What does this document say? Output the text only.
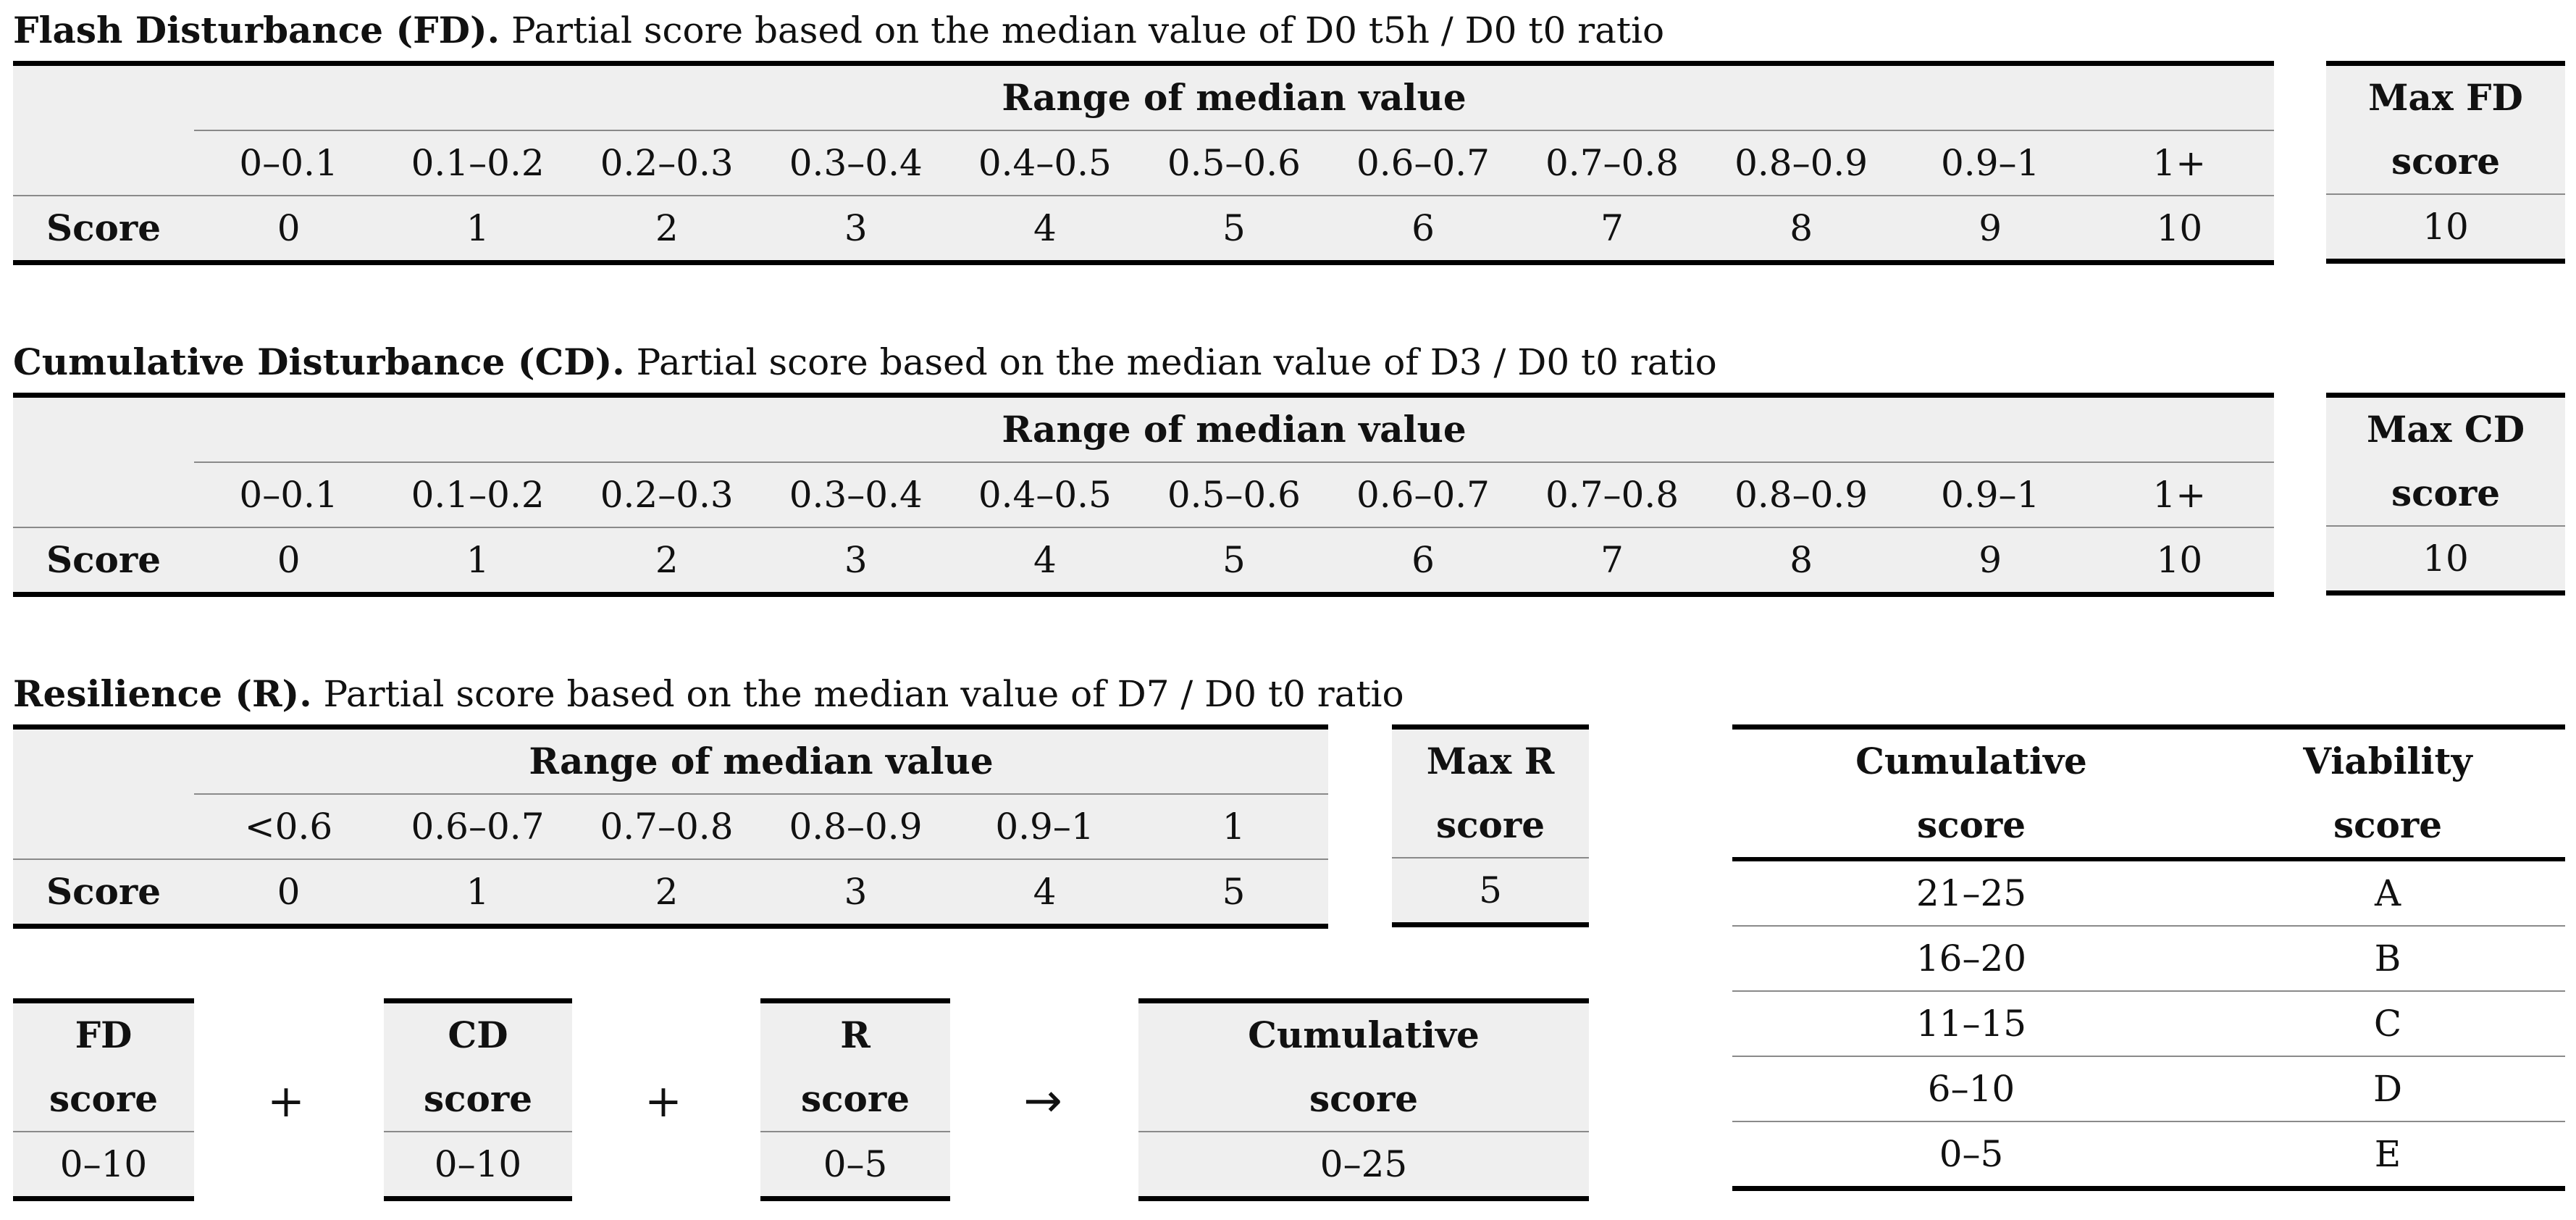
Flash Disturbance (FD). Partial score based on the median value of D0 t5h / D0 t0 ratio
	Range of median value										
	0–0.1	0.1–0.2	0.2–0.3	0.3–0.4	0.4–0.5	0.5–0.6	0.6–0.7	0.7–0.8	0.8–0.9	0.9–1	1+
Score	0	1	2	3	4	5	6	7	8	9	10
Max FD
score
10
Cumulative Disturbance (CD). Partial score based on the median value of D3 / D0 t0 ratio
	Range of median value										
	0–0.1	0.1–0.2	0.2–0.3	0.3–0.4	0.4–0.5	0.5–0.6	0.6–0.7	0.7–0.8	0.8–0.9	0.9–1	1+
Score	0	1	2	3	4	5	6	7	8	9	10
Max CD
score
10
Resilience (R). Partial score based on the median value of D7 / D0 t0 ratio
	Range of median value					
	<0.6	0.6–0.7	0.7–0.8	0.8–0.9	0.9–1	1
Score	0	1	2	3	4	5
Max R
score
5
FD
score
0–10
+
CD
score
0–10
+
R
score
0–5
→
Cumulative
score
0–25
Cumulative	Viability
score	score
21–25	A
16–20	B
11–15	C
6–10	D
0–5	E
